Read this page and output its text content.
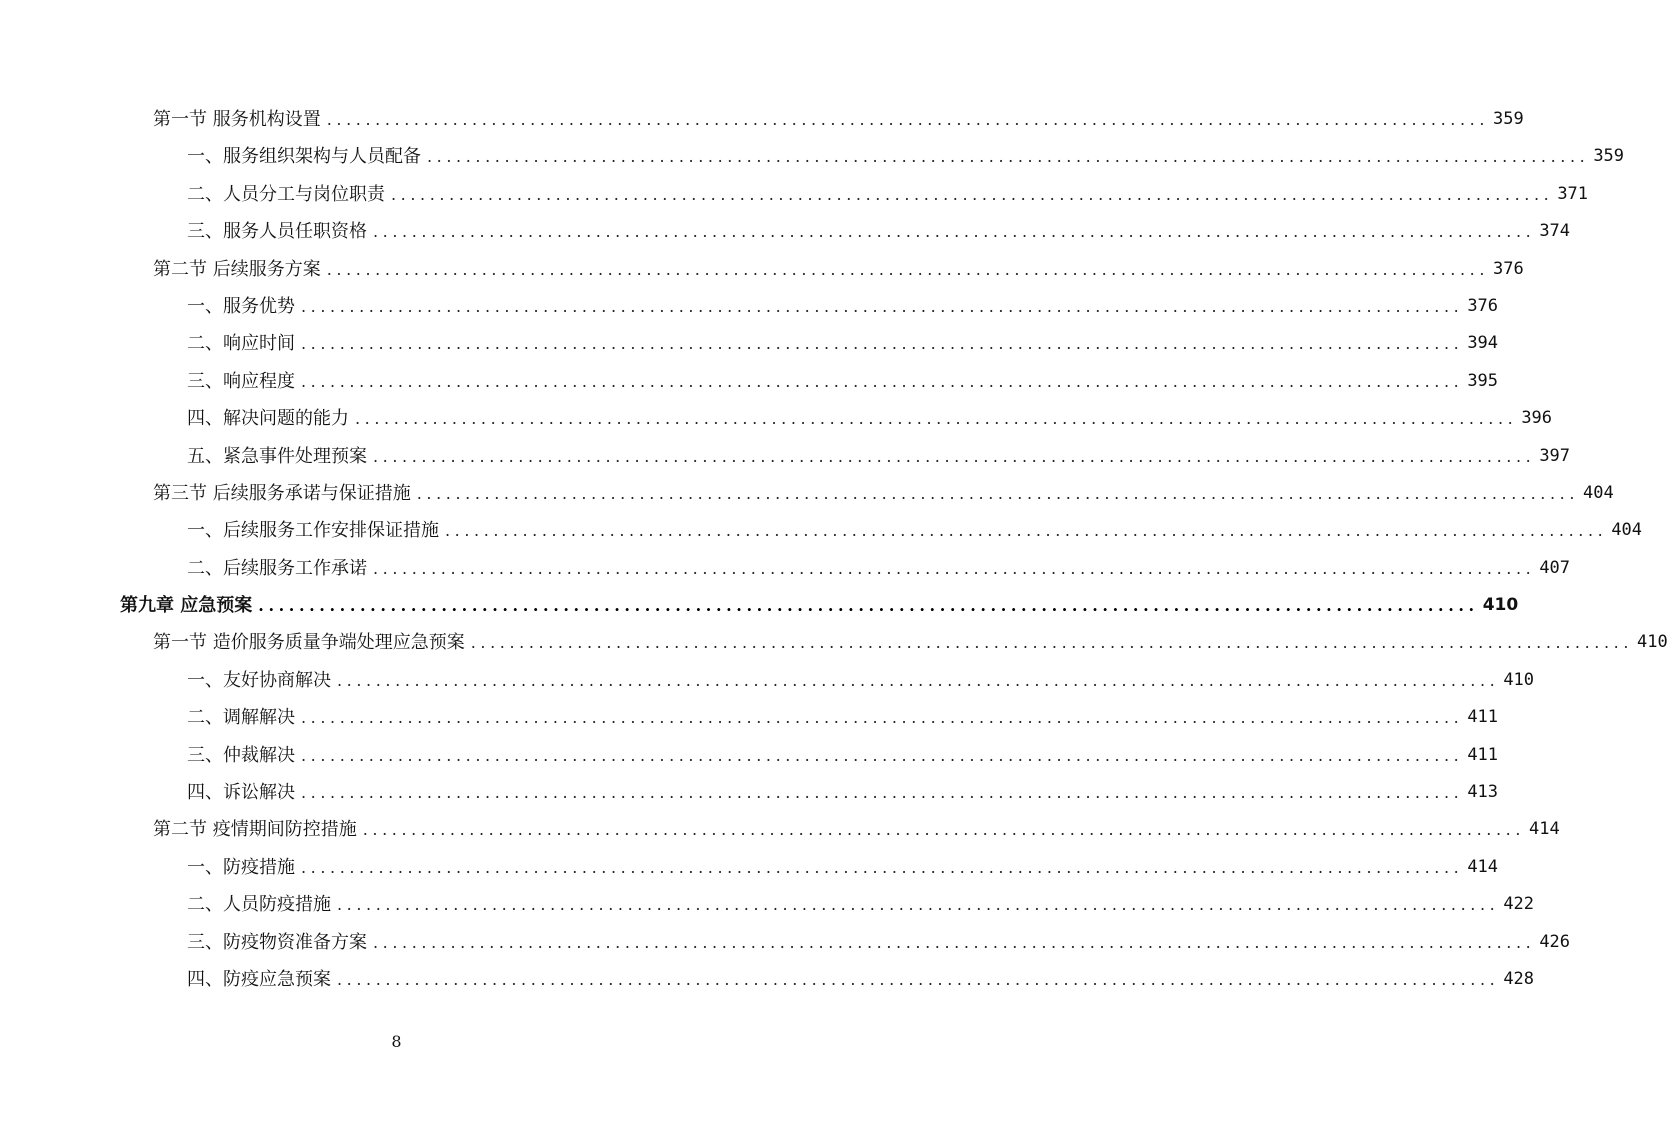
第一节 服务机构设置 ........................................................................................................................ 359
一、服务组织架构与人员配备 ........................................................................................................................ 359
二、人员分工与岗位职责 ........................................................................................................................ 371
三、服务人员任职资格 ........................................................................................................................ 374
第二节 后续服务方案 ........................................................................................................................ 376
一、服务优势 ........................................................................................................................ 376
二、响应时间 ........................................................................................................................ 394
三、响应程度 ........................................................................................................................ 395
四、解决问题的能力 ........................................................................................................................ 396
五、紧急事件处理预案 ........................................................................................................................ 397
第三节 后续服务承诺与保证措施 ........................................................................................................................ 404
一、后续服务工作安排保证措施 ........................................................................................................................ 404
二、后续服务工作承诺 ........................................................................................................................ 407
第九章 应急预案 ........................................................................................................................ 410
第一节 造价服务质量争端处理应急预案 ........................................................................................................................ 410
一、友好协商解决 ........................................................................................................................ 410
二、调解解决 ........................................................................................................................ 411
三、仲裁解决 ........................................................................................................................ 411
四、诉讼解决 ........................................................................................................................ 413
第二节 疫情期间防控措施 ........................................................................................................................ 414
一、防疫措施 ........................................................................................................................ 414
二、人员防疫措施 ........................................................................................................................ 422
三、防疫物资准备方案 ........................................................................................................................ 426
四、防疫应急预案 ........................................................................................................................ 428
8
